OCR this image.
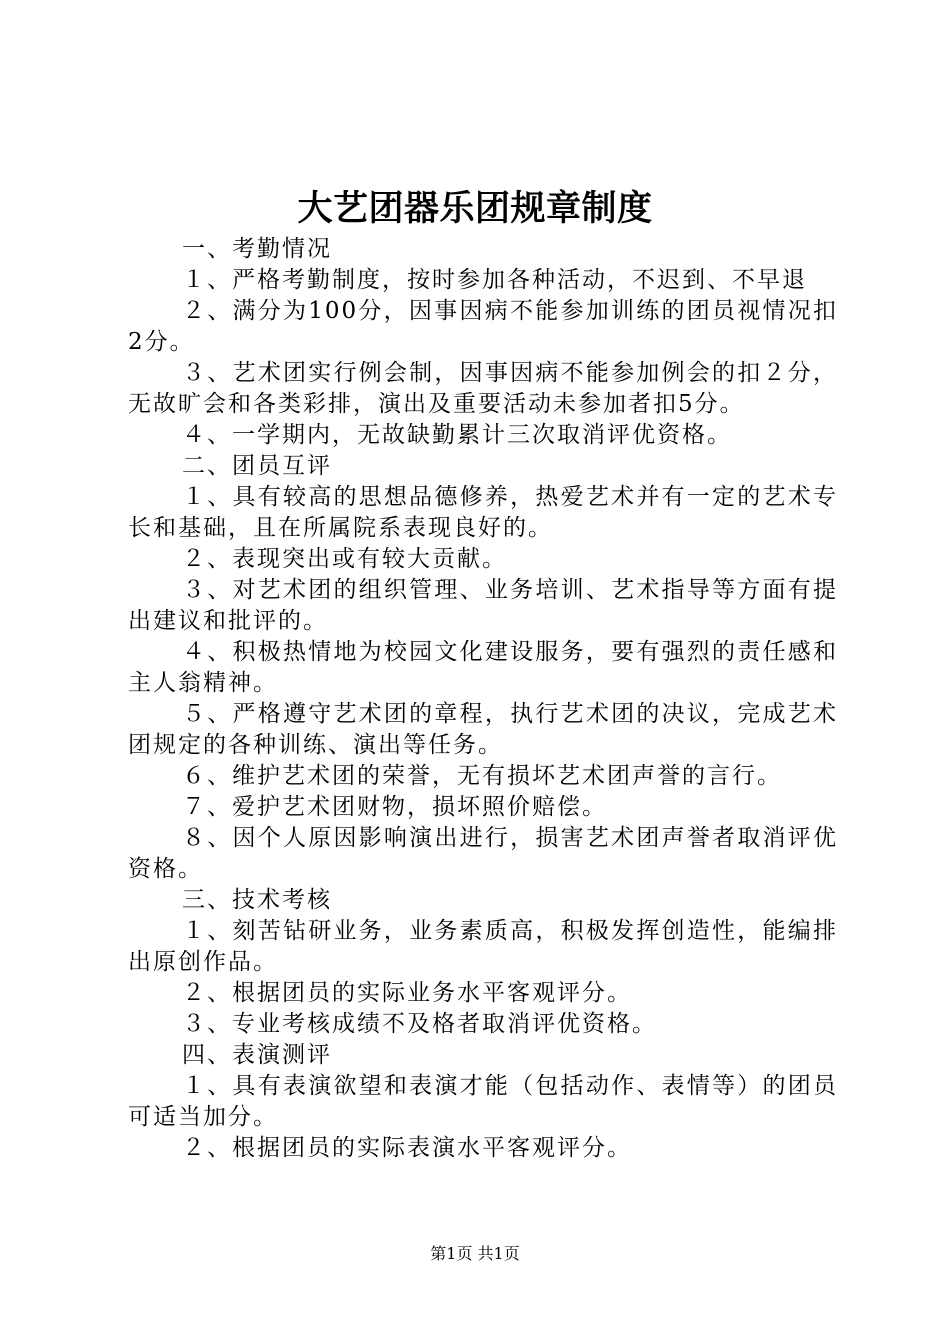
大艺团器乐团规章制度

一、考勤情况

１、严格考勤制度，按时参加各种活动，不迟到、不早退

２、满分为100分，因事因病不能参加训练的团员视情况扣2分。

３、艺术团实行例会制，因事因病不能参加例会的扣２分，无故旷会和各类彩排，演出及重要活动未参加者扣5分。

４、一学期内，无故缺勤累计三次取消评优资格。

二、团员互评

１、具有较高的思想品德修养，热爱艺术并有一定的艺术专长和基础，且在所属院系表现良好的。

２、表现突出或有较大贡献。

３、对艺术团的组织管理、业务培训、艺术指导等方面有提出建议和批评的。

４、积极热情地为校园文化建设服务，要有强烈的责任感和主人翁精神。

５、严格遵守艺术团的章程，执行艺术团的决议，完成艺术团规定的各种训练、演出等任务。

６、维护艺术团的荣誉，无有损坏艺术团声誉的言行。

７、爱护艺术团财物，损坏照价赔偿。

８、因个人原因影响演出进行，损害艺术团声誉者取消评优资格。

三、技术考核

１、刻苦钻研业务，业务素质高，积极发挥创造性，能编排出原创作品。

２、根据团员的实际业务水平客观评分。

３、专业考核成绩不及格者取消评优资格。

四、表演测评

１、具有表演欲望和表演才能（包括动作、表情等）的团员可适当加分。

２、根据团员的实际表演水平客观评分。

第1页 共1页
